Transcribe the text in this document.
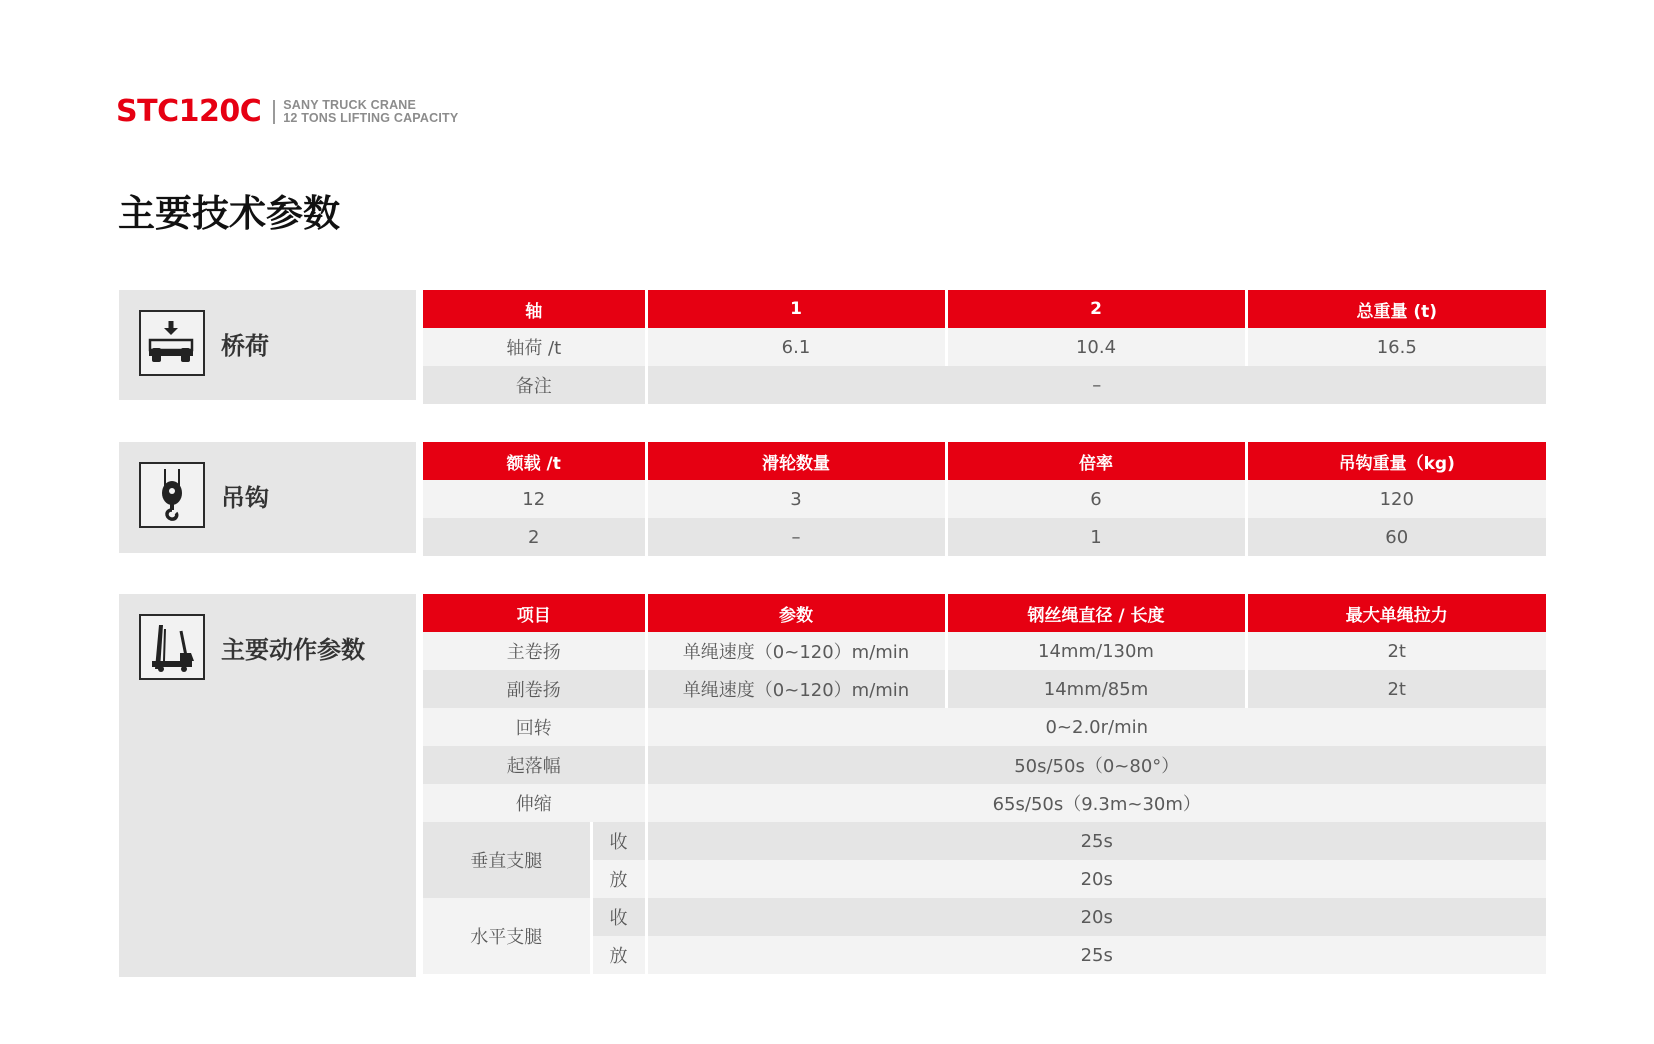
STC120C SANY TRUCK CRANE
12 TONS LIFTING CAPACITY
主要技术参数
桥荷
轴	1	2	总重量 (t)
轴荷 /t	6.1	10.4	16.5
备注	–		
吊钩
额载 /t	滑轮数量	倍率	吊钩重量（kg)
12	3	6	120
2	–	1	60
主要动作参数
项目		参数	钢丝绳直径 / 长度	最大单绳拉力
主卷扬		单绳速度（0~120）m/min	14mm/130m	2t
副卷扬		单绳速度（0~120）m/min	14mm/85m	2t
回转		0~2.0r/min		
起落幅		50s/50s（0~80°）		
伸缩		65s/50s（9.3m~30m）		
垂直支腿	收	25s		
	放	20s		
水平支腿	收	20s		
	放	25s		
